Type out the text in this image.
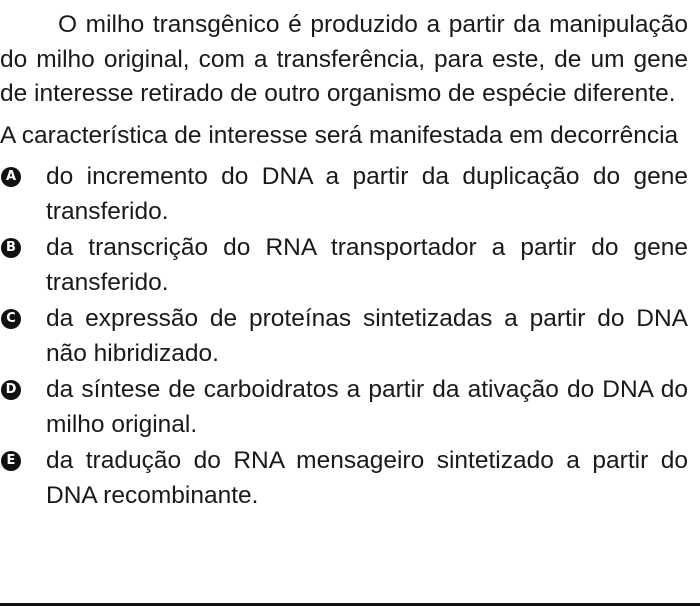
O milho transgênico é produzido a partir da manipulação do milho original, com a transferência, para este, de um gene de interesse retirado de outro organismo de espécie diferente.

A característica de interesse será manifestada em decorrência

A do incremento do DNA a partir da duplicação do gene transferido.
B da transcrição do RNA transportador a partir do gene transferido.
C da expressão de proteínas sintetizadas a partir do DNA não hibridizado.
D da síntese de carboidratos a partir da ativação do DNA do milho original.
E da tradução do RNA mensageiro sintetizado a partir do DNA recombinante.
